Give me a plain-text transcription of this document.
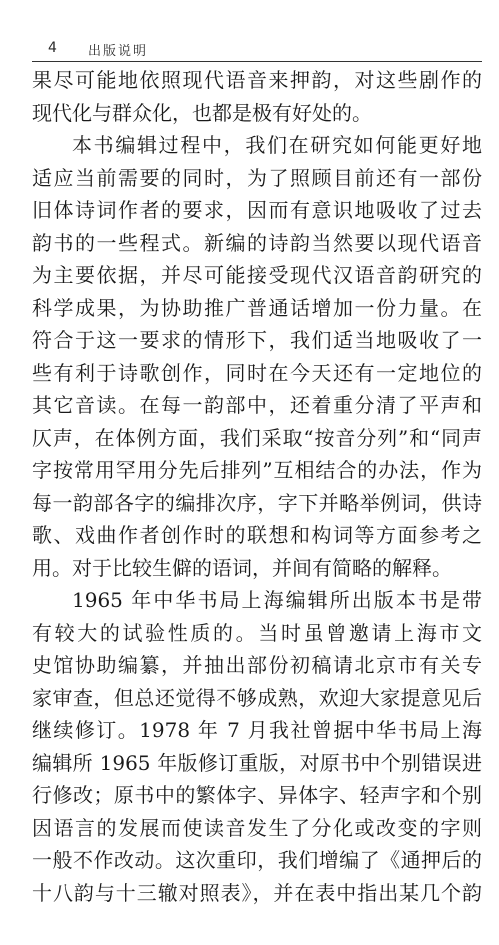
4 出版说明
果尽可能地依照现代语音来押韵，对这些剧作的
现代化与群众化，也都是极有好处的。
本书编辑过程中，我们在研究如何能更好地
适应当前需要的同时，为了照顾目前还有一部份
旧体诗词作者的要求，因而有意识地吸收了过去
韵书的一些程式。新编的诗韵当然要以现代语音
为主要依据，并尽可能接受现代汉语音韵研究的
科学成果，为协助推广普通话增加一份力量。在
符合于这一要求的情形下，我们适当地吸收了一
些有利于诗歌创作，同时在今天还有一定地位的
其它音读。在每一韵部中，还着重分清了平声和
仄声，在体例方面，我们采取“按音分列”和“同声
字按常用罕用分先后排列”互相结合的办法，作为
每一韵部各字的编排次序，字下并略举例词，供诗
歌、戏曲作者创作时的联想和构词等方面参考之
用。对于比较生僻的语词，并间有简略的解释。
1965 年中华书局上海编辑所出版本书是带
有较大的试验性质的。当时虽曾邀请上海市文
史馆协助编纂，并抽出部份初稿请北京市有关专
家审查，但总还觉得不够成熟，欢迎大家提意见后
继续修订。1978 年 7 月我社曾据中华书局上海
编辑所 1965 年版修订重版，对原书中个别错误进
行修改；原书中的繁体字、异体字、轻声字和个别
因语言的发展而使读音发生了分化或改变的字则
一般不作改动。这次重印，我们增编了《通押后的
十八韵与十三辙对照表》，并在表中指出某几个韵
